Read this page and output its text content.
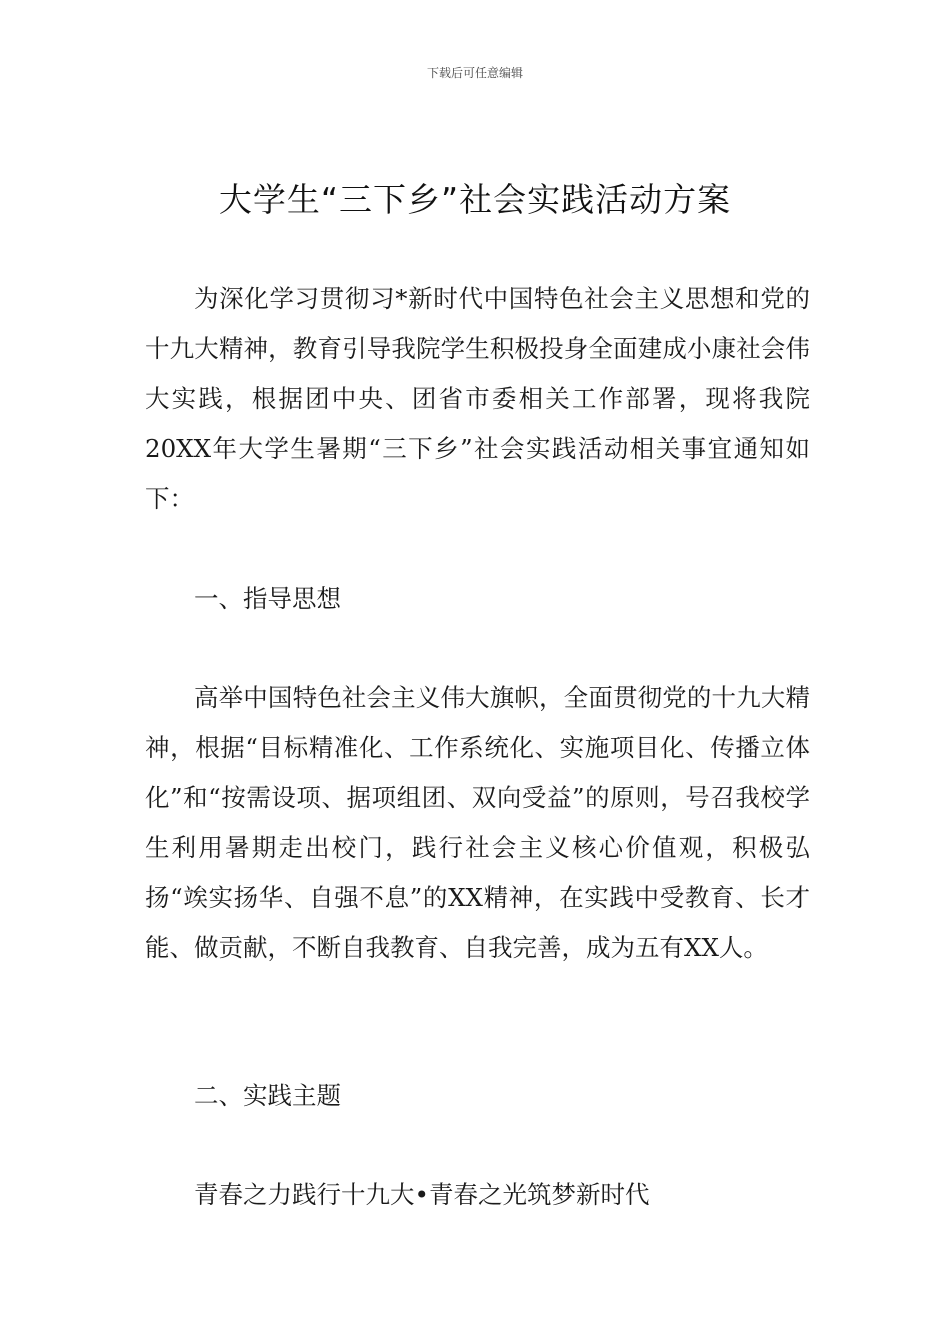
下载后可任意编辑
大学生“三下乡”社会实践活动方案

为深化学习贯彻习*新时代中国特色社会主义思想和党的十九大精神，教育引导我院学生积极投身全面建成小康社会伟大实践，根据团中央、团省市委相关工作部署，现将我院20XX年大学生暑期“三下乡”社会实践活动相关事宜通知如下：

一、指导思想

高举中国特色社会主义伟大旗帜，全面贯彻党的十九大精神，根据“目标精准化、工作系统化、实施项目化、传播立体化”和“按需设项、据项组团、双向受益”的原则，号召我校学生利用暑期走出校门，践行社会主义核心价值观，积极弘扬“竢实扬华、自强不息”的XX精神，在实践中受教育、长才能、做贡献，不断自我教育、自我完善，成为五有XX人。

二、实践主题

青春之力践行十九大•青春之光筑梦新时代
